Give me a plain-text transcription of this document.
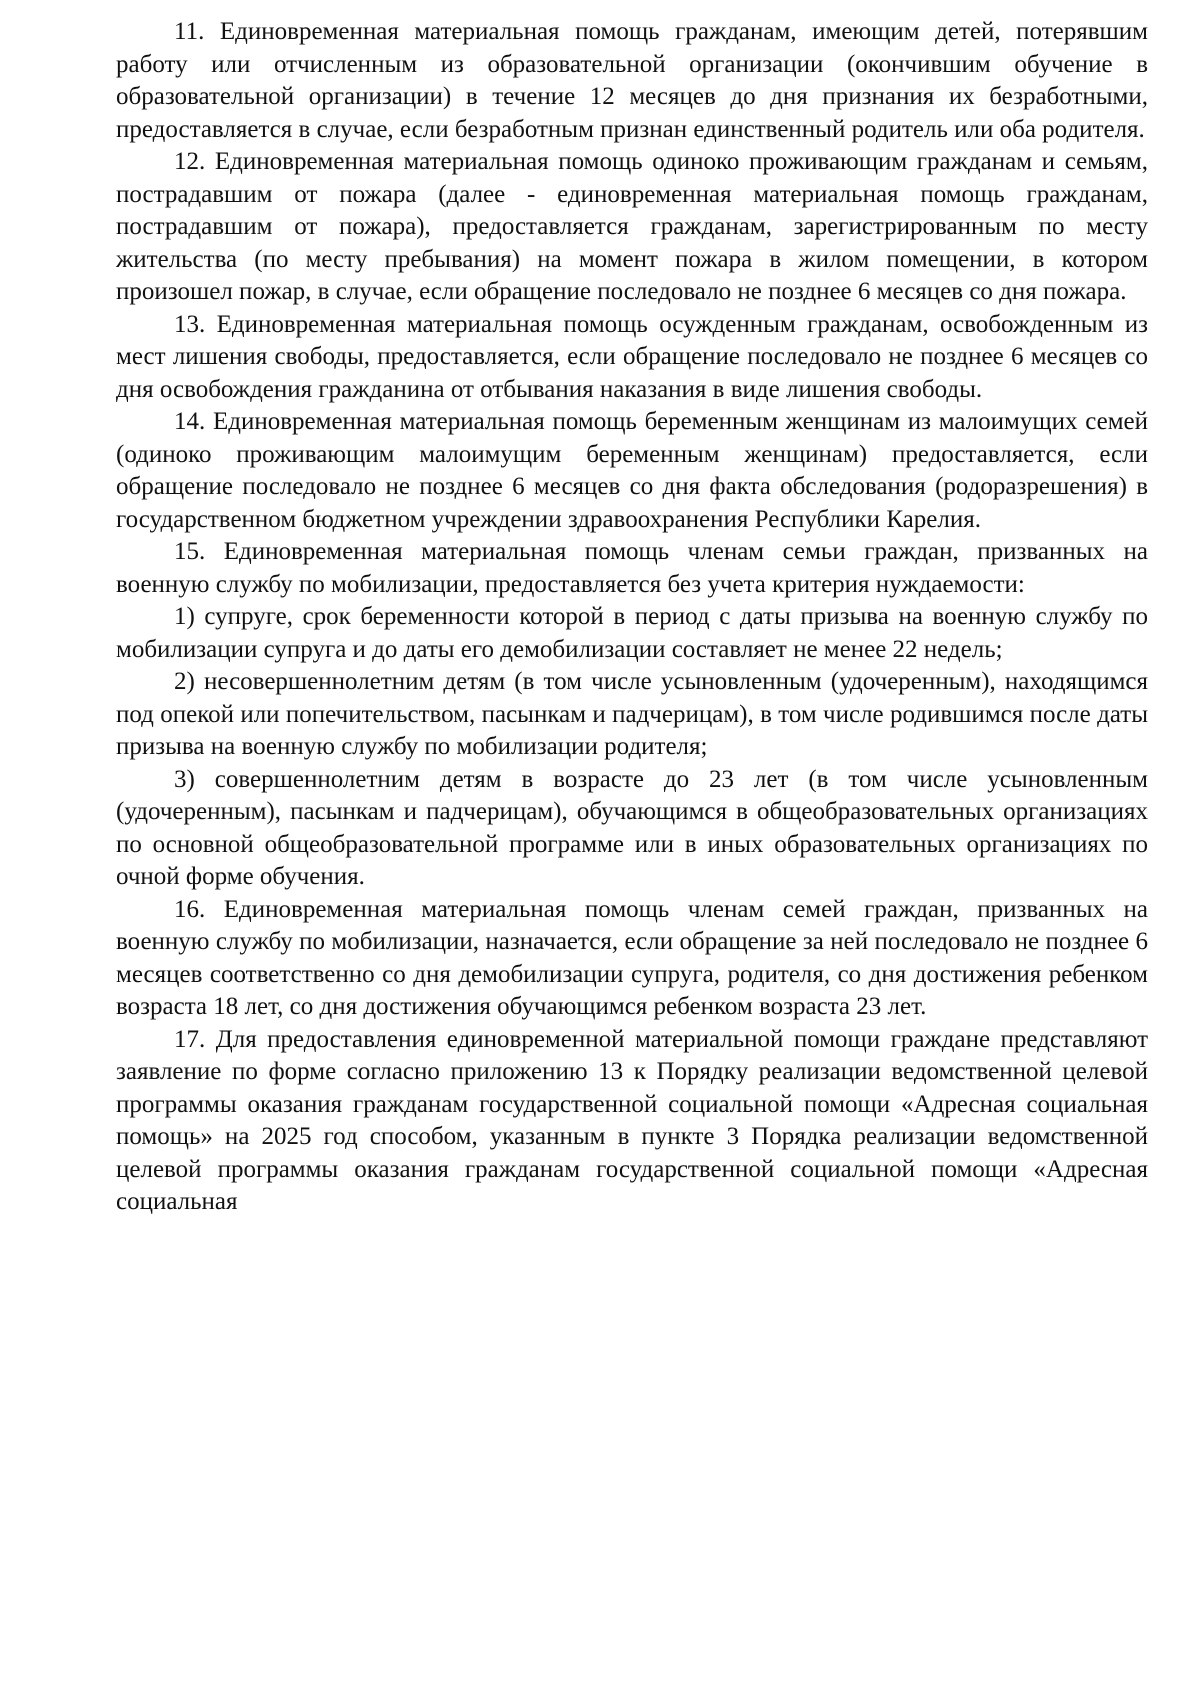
11. Единовременная материальная помощь гражданам, имеющим детей, потерявшим работу или отчисленным из образовательной организации (окончившим обучение в образовательной организации) в течение 12 месяцев до дня признания их безработными, предоставляется в случае, если безработным признан единственный родитель или оба родителя.

12. Единовременная материальная помощь одиноко проживающим гражданам и семьям, пострадавшим от пожара (далее - единовременная материальная помощь гражданам, пострадавшим от пожара), предоставляется гражданам, зарегистрированным по месту жительства (по месту пребывания) на момент пожара в жилом помещении, в котором произошел пожар, в случае, если обращение последовало не позднее 6 месяцев со дня пожара.

13. Единовременная материальная помощь осужденным гражданам, освобожденным из мест лишения свободы, предоставляется, если обращение последовало не позднее 6 месяцев со дня освобождения гражданина от отбывания наказания в виде лишения свободы.

14. Единовременная материальная помощь беременным женщинам из малоимущих семей (одиноко проживающим малоимущим беременным женщинам) предоставляется, если обращение последовало не позднее 6 месяцев со дня факта обследования (родоразрешения) в государственном бюджетном учреждении здравоохранения Республики Карелия.

15. Единовременная материальная помощь членам семьи граждан, призванных на военную службу по мобилизации, предоставляется без учета критерия нуждаемости:

1) супруге, срок беременности которой в период с даты призыва на военную службу по мобилизации супруга и до даты его демобилизации составляет не менее 22 недель;

2) несовершеннолетним детям (в том числе усыновленным (удочеренным), находящимся под опекой или попечительством, пасынкам и падчерицам), в том числе родившимся после даты призыва на военную службу по мобилизации родителя;

3) совершеннолетним детям в возрасте до 23 лет (в том числе усыновленным (удочеренным), пасынкам и падчерицам), обучающимся в общеобразовательных организациях по основной общеобразовательной программе или в иных образовательных организациях по очной форме обучения.

16. Единовременная материальная помощь членам семей граждан, призванных на военную службу по мобилизации, назначается, если обращение за ней последовало не позднее 6 месяцев соответственно со дня демобилизации супруга, родителя, со дня достижения ребенком возраста 18 лет, со дня достижения обучающимся ребенком возраста 23 лет.

17. Для предоставления единовременной материальной помощи граждане представляют заявление по форме согласно приложению 13 к Порядку реализации ведомственной целевой программы оказания гражданам государственной социальной помощи «Адресная социальная помощь» на 2025 год способом, указанным в пункте 3 Порядка реализации ведомственной целевой программы оказания гражданам государственной социальной помощи «Адресная социальная
